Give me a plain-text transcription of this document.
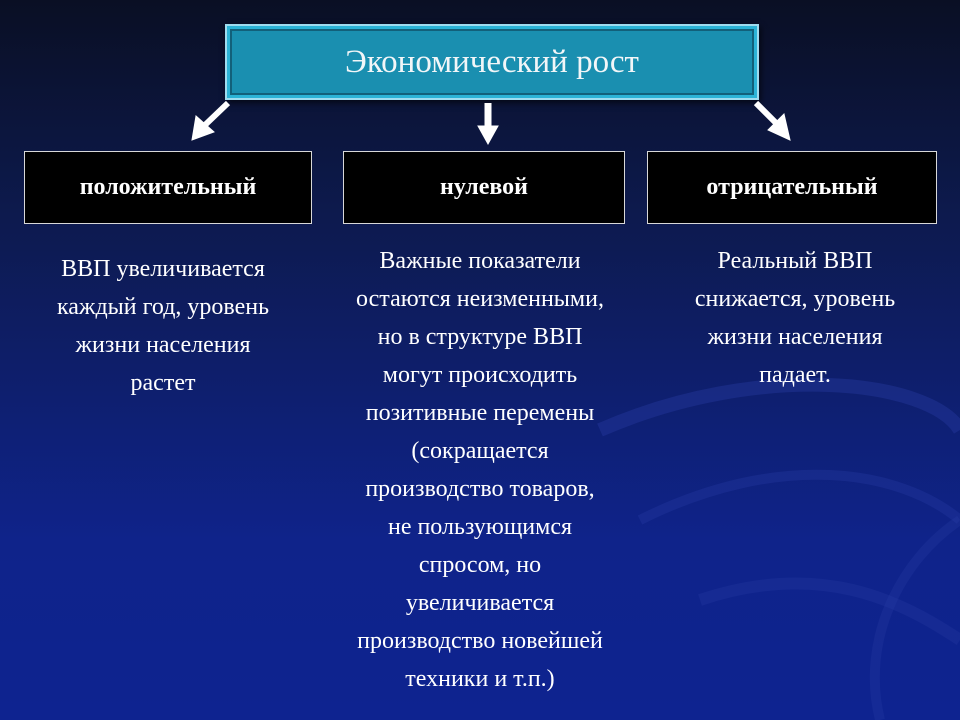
Экономический рост
положительный	нулевой	отрицательный
ВВП увеличивается
каждый год, уровень
жизни населения
растет
Важные показатели
остаются неизменными,
но в структуре ВВП
могут происходить
позитивные перемены
(сокращается
производство товаров,
не пользующимся
спросом, но
увеличивается
производство новейшей
техники и т.п.)
Реальный ВВП
снижается, уровень
жизни населения
падает.
